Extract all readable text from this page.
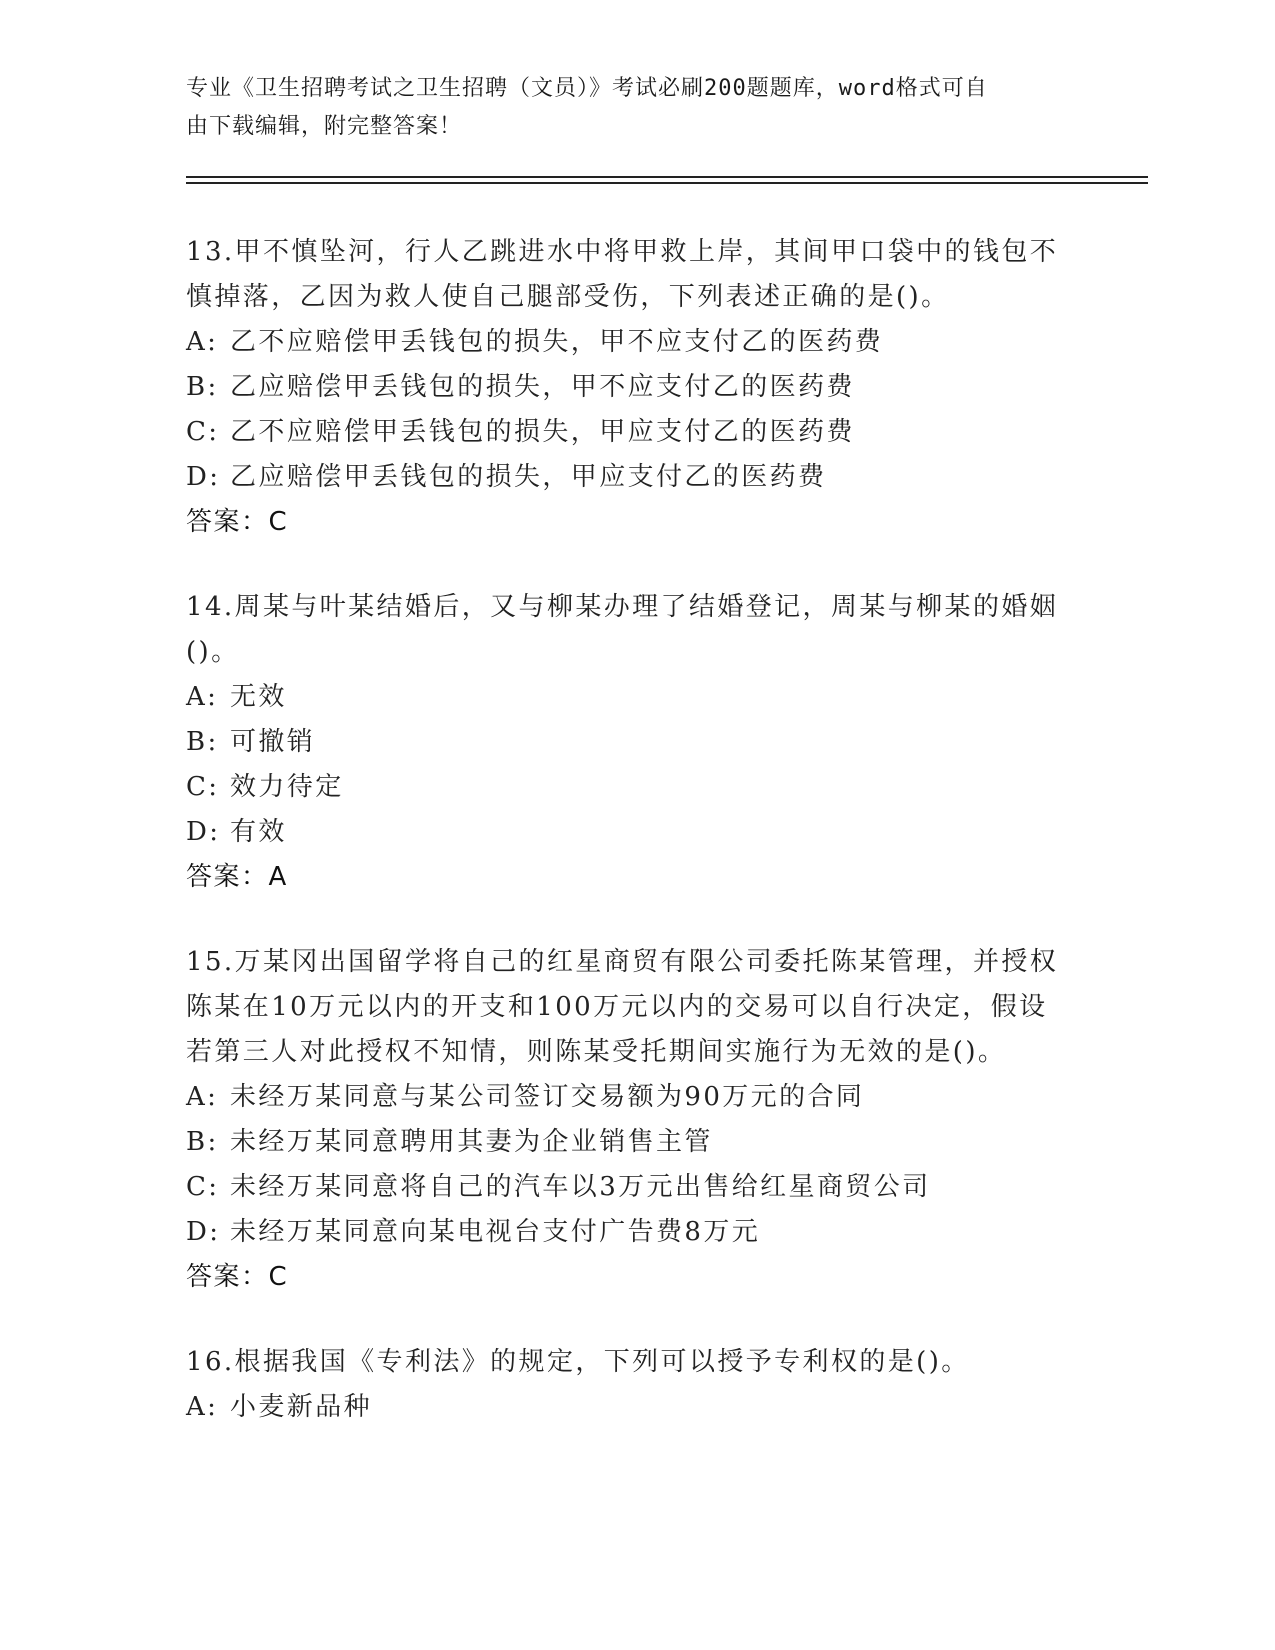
专业《卫生招聘考试之卫生招聘（文员）》考试必刷200题题库，word格式可自
由下载编辑，附完整答案！
13.甲不慎坠河，行人乙跳进水中将甲救上岸，其间甲口袋中的钱包不
慎掉落，乙因为救人使自己腿部受伤，下列表述正确的是()。
A: 乙不应赔偿甲丢钱包的损失，甲不应支付乙的医药费
B: 乙应赔偿甲丢钱包的损失，甲不应支付乙的医药费
C: 乙不应赔偿甲丢钱包的损失，甲应支付乙的医药费
D: 乙应赔偿甲丢钱包的损失，甲应支付乙的医药费
答案：C
14.周某与叶某结婚后，又与柳某办理了结婚登记，周某与柳某的婚姻
()。
A: 无效
B: 可撤销
C: 效力待定
D: 有效
答案：A
15.万某冈出国留学将自己的红星商贸有限公司委托陈某管理，并授权
陈某在10万元以内的开支和100万元以内的交易可以自行决定，假设
若第三人对此授权不知情，则陈某受托期间实施行为无效的是()。
A: 未经万某同意与某公司签订交易额为90万元的合同
B: 未经万某同意聘用其妻为企业销售主管
C: 未经万某同意将自己的汽车以3万元出售给红星商贸公司
D: 未经万某同意向某电视台支付广告费8万元
答案：C
16.根据我国《专利法》的规定，下列可以授予专利权的是()。
A: 小麦新品种
